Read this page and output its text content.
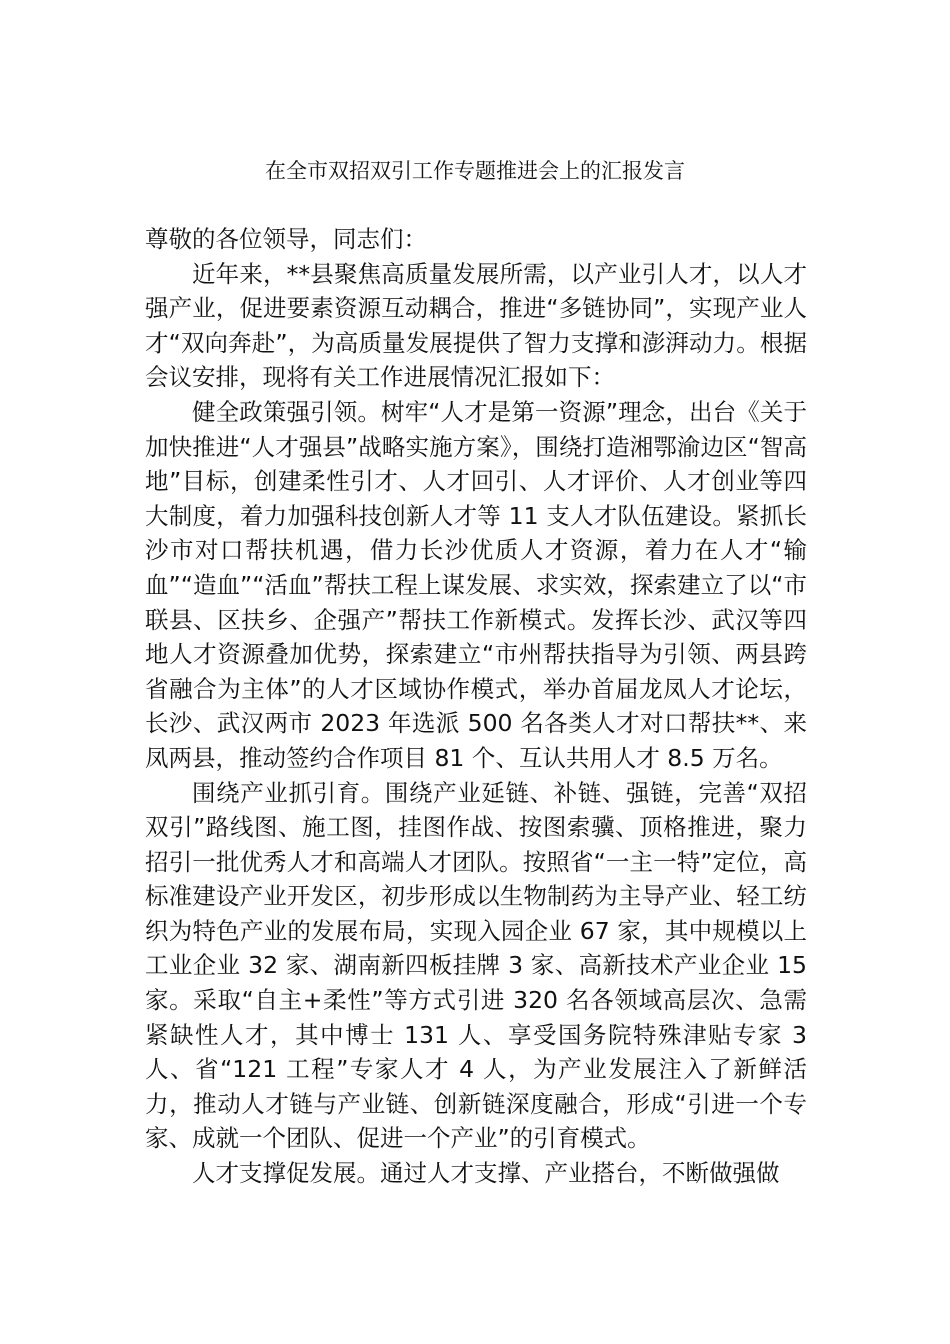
在全市双招双引工作专题推进会上的汇报发言

尊敬的各位领导，同志们：

近年来，**县聚焦高质量发展所需，以产业引人才，以人才强产业，促进要素资源互动耦合，推进“多链协同”，实现产业人才“双向奔赴”，为高质量发展提供了智力支撑和澎湃动力。根据会议安排，现将有关工作进展情况汇报如下：

健全政策强引领。树牢“人才是第一资源”理念，出台《关于加快推进“人才强县”战略实施方案》，围绕打造湘鄂渝边区“智高地”目标，创建柔性引才、人才回引、人才评价、人才创业等四大制度，着力加强科技创新人才等 11 支人才队伍建设。紧抓长沙市对口帮扶机遇，借力长沙优质人才资源，着力在人才“输血”“造血”“活血”帮扶工程上谋发展、求实效，探索建立了以“市联县、区扶乡、企强产”帮扶工作新模式。发挥长沙、武汉等四地人才资源叠加优势，探索建立“市州帮扶指导为引领、两县跨省融合为主体”的人才区域协作模式，举办首届龙凤人才论坛，长沙、武汉两市 2023 年选派 500 名各类人才对口帮扶**、来凤两县，推动签约合作项目 81 个、互认共用人才 8.5 万名。

围绕产业抓引育。围绕产业延链、补链、强链，完善“双招双引”路线图、施工图，挂图作战、按图索骥、顶格推进，聚力招引一批优秀人才和高端人才团队。按照省“一主一特”定位，高标准建设产业开发区，初步形成以生物制药为主导产业、轻工纺织为特色产业的发展布局，实现入园企业 67 家，其中规模以上工业企业 32 家、湖南新四板挂牌 3 家、高新技术产业企业 15 家。采取“自主+柔性”等方式引进 320 名各领域高层次、急需紧缺性人才，其中博士 131 人、享受国务院特殊津贴专家 3 人、省“121 工程”专家人才 4 人，为产业发展注入了新鲜活力，推动人才链与产业链、创新链深度融合，形成“引进一个专家、成就一个团队、促进一个产业”的引育模式。

人才支撑促发展。通过人才支撑、产业搭台，不断做强做
